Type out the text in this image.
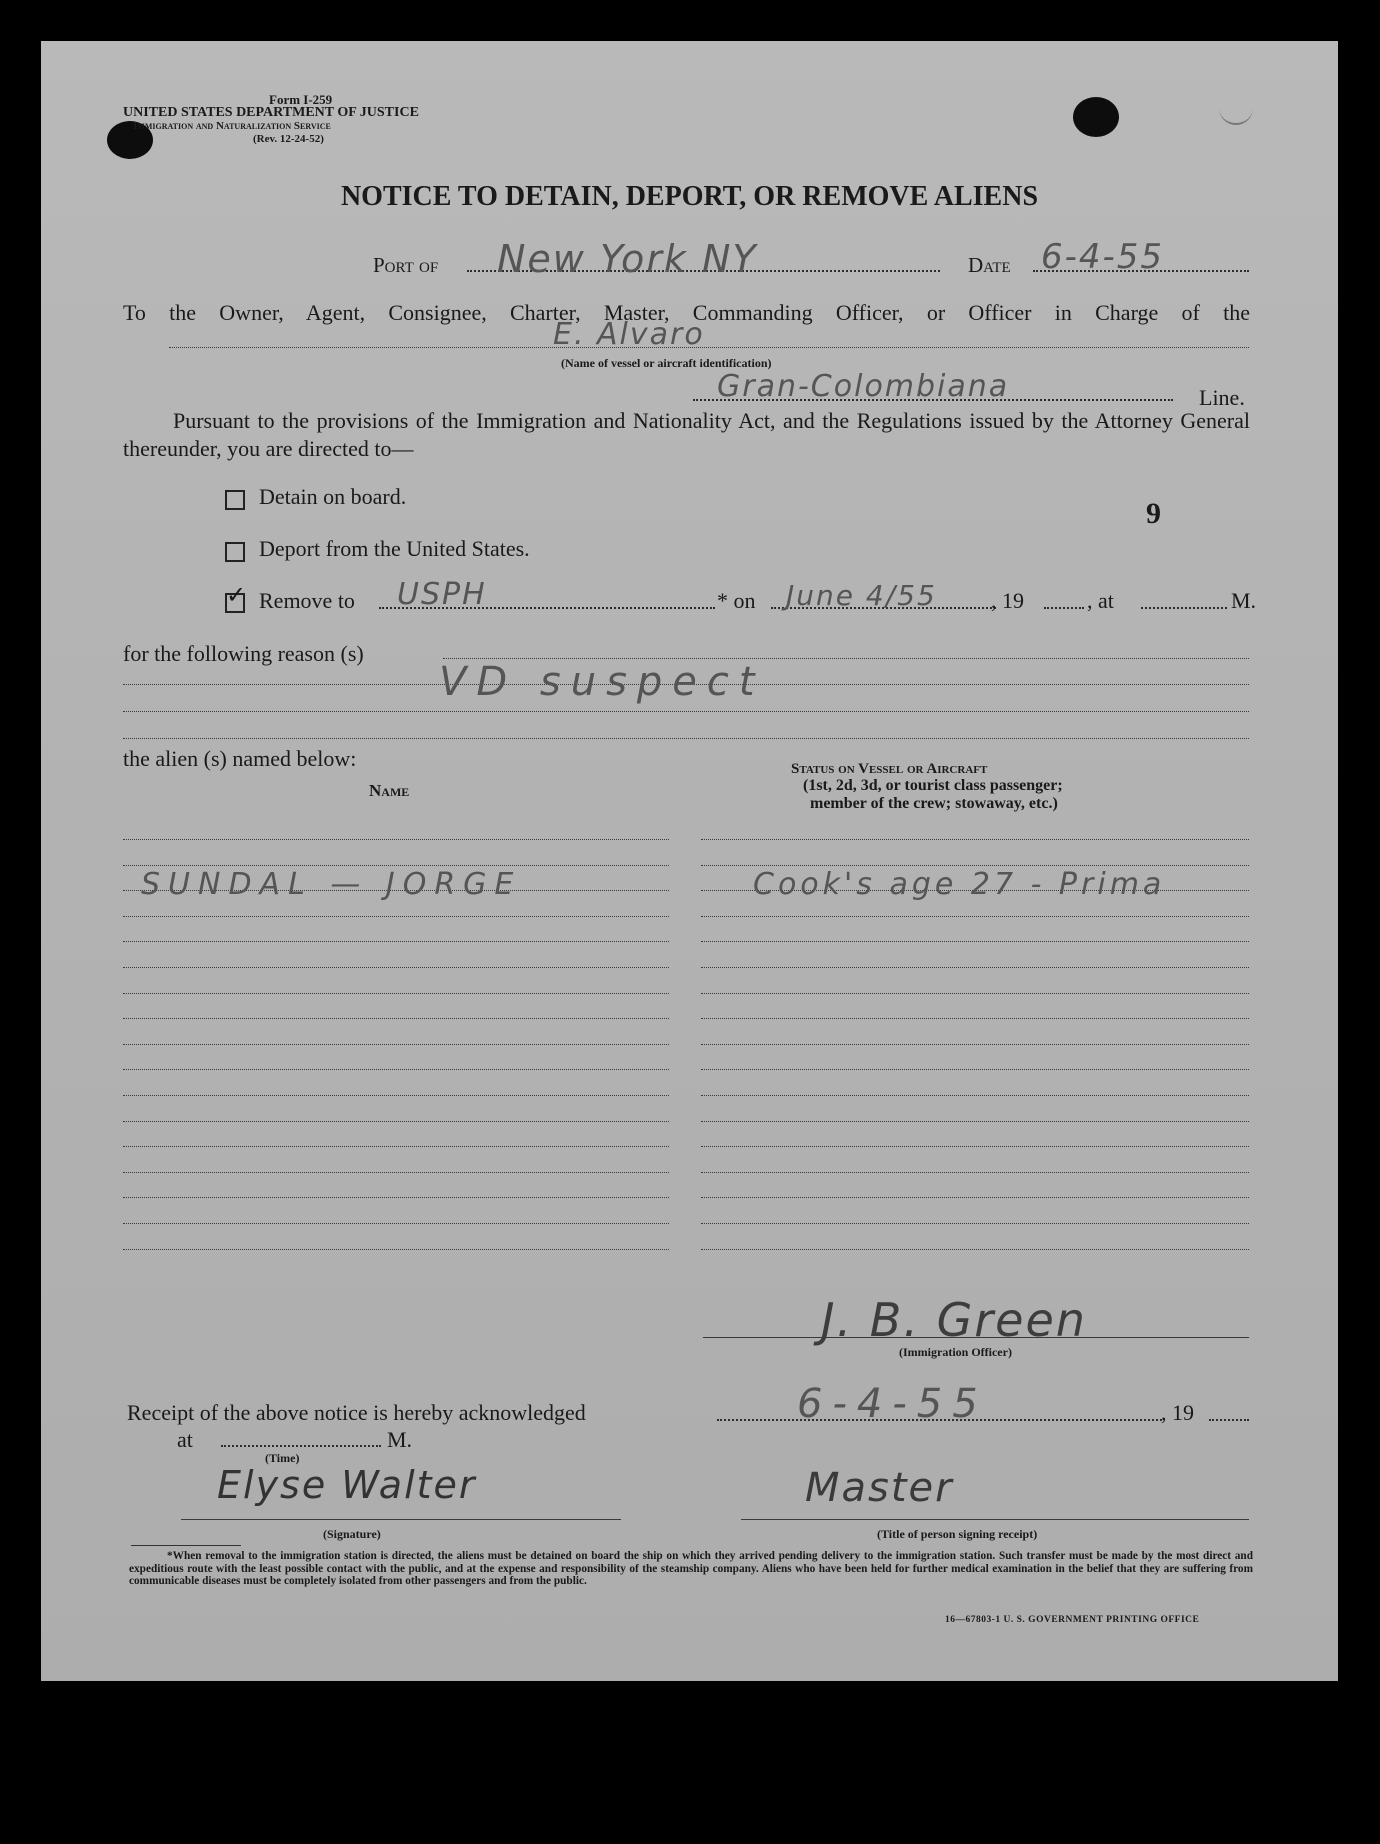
Form I-259
UNITED STATES DEPARTMENT OF JUSTICE
Immigration and Naturalization Service
(Rev. 12-24-52)
NOTICE TO DETAIN, DEPORT, OR REMOVE ALIENS
Port of New York NY	Date 6-4-55
To the Owner, Agent, Consignee, Charter, Master, Commanding Officer, or Officer in Charge of the
E. Alvaro
(Name of vessel or aircraft identification)
Gran-Colombiana	Line.
Pursuant to the provisions of the Immigration and Nationality Act, and the Regulations issued by the Attorney General thereunder, you are directed to—
Detain on board.
9
Deport from the United States.
✓ Remove to USPH	* on June 4/55 , 19	, at	M.
for the following reason (s)
VD suspect
the alien (s) named below:
Name
Status on Vessel or Aircraft
(1st, 2d, 3d, or tourist class passenger;
member of the crew; stowaway, etc.)
SUNDAL — JORGE	Cook's age 27 - Prima
J. B. Green
(Immigration Officer)
Receipt of the above notice is hereby acknowledged	6-4-55	, 19
at	M.
(Time)
Elyse Walter
(Signature)
Master
(Title of person signing receipt)
*When removal to the immigration station is directed, the aliens must be detained on board the ship on which they arrived pending delivery to the immigration station. Such transfer must be made by the most direct and expeditious route with the least possible contact with the public, and at the expense and responsibility of the steamship company. Aliens who have been held for further medical examination in the belief that they are suffering from communicable diseases must be completely isolated from other passengers and from the public.
16—67803-1 U. S. GOVERNMENT PRINTING OFFICE
